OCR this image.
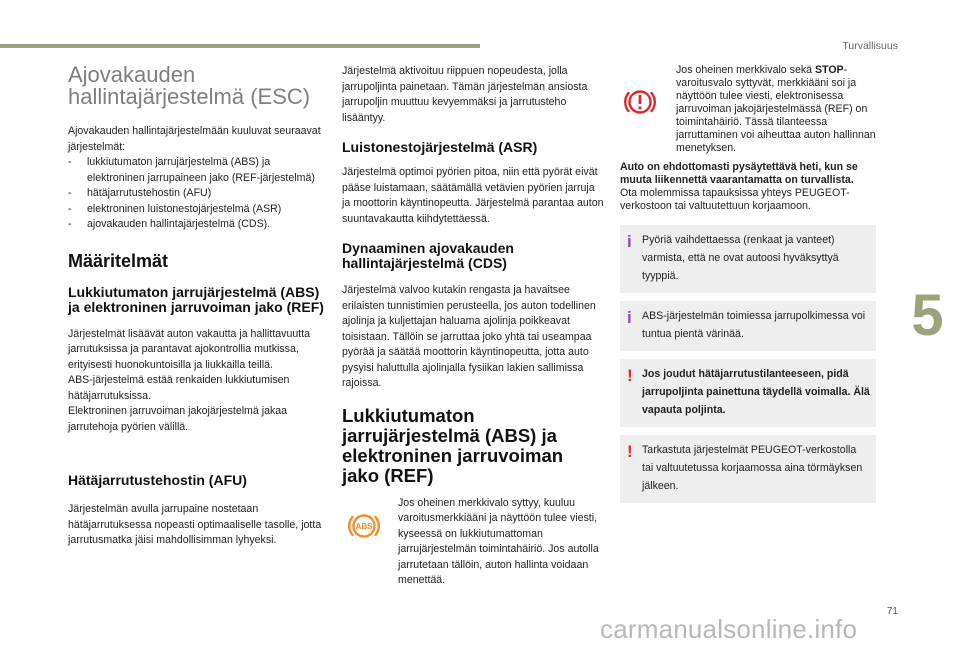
Turvallisuus
5
71
carmanualsonline.info
Ajovakauden
hallintajärjestelmä (ESC)

Ajovakauden hallintajärjestelmään kuuluvat seuraavat järjestelmät:

- lukkiutumaton jarrujärjestelmä (ABS) ja elektroninen jarrupaineen jako (REF-järjestelmä)
- hätäjarrutustehostin (AFU)
- elektroninen luistonestojärjestelmä (ASR)
- ajovakauden hallintajärjestelmä (CDS).
Määritelmät
Lukkiutumaton jarrujärjestelmä (ABS) ja elektroninen jarruvoiman jako (REF)

Järjestelmät lisäävät auton vakautta ja hallittavuutta jarrutuksissa ja parantavat ajokontrollia mutkissa, erityisesti huonokuntoisilla ja liukkailla teillä.

ABS-järjestelmä estää renkaiden lukkiutumisen hätäjarrutuksissa.

Elektroninen jarruvoiman jakojärjestelmä jakaa jarrutehoja pyörien välillä.

Hätäjarrutustehostin (AFU)

Järjestelmän avulla jarrupaine nostetaan hätäjarrutuksessa nopeasti optimaaliselle tasolle, jotta jarrutusmatka jäisi mahdollisimman lyhyeksi.

Järjestelmä aktivoituu riippuen nopeudesta, jolla jarrupoljinta painetaan. Tämän järjestelmän ansiosta jarrupoljin muuttuu kevyemmäksi ja jarrutusteho lisääntyy.

Luistonestojärjestelmä (ASR)

Järjestelmä optimoi pyörien pitoa, niin että pyörät eivät pääse luistamaan, säätämällä vetävien pyörien jarruja ja moottorin käyntinopeutta. Järjestelmä parantaa auton suuntavakautta kiihdytettäessä.

Dynaaminen ajovakauden hallintajärjestelmä (CDS)

Järjestelmä valvoo kutakin rengasta ja havaitsee erilaisten tunnistimien perusteella, jos auton todellinen ajolinja ja kuljettajan haluama ajolinja poikkeavat toisistaan. Tällöin se jarruttaa joko yhtä tai useampaa pyörää ja säätää moottorin käyntinopeutta, jotta auto pysyisi haluttulla ajolinjalla fysiikan lakien sallimissa rajoissa.

Lukkiutumaton jarrujärjestelmä (ABS) ja elektroninen jarruvoiman jako (REF)
ABS

Jos oheinen merkkivalo syttyy, kuuluu varoitusmerkkiääni ja näyttöön tulee viesti, kyseessä on lukkiutumattoman jarrujärjestelmän toimintahäiriö. Jos autolla jarrutetaan tällöin, auton hallinta voidaan menettää.

Jos oheinen merkkivalo sekä STOP-varoitusvalo syttyvät, merkkiääni soi ja näyttöön tulee viesti, elektronisessa jarruvoiman jakojärjestelmässä (REF) on toimintahäiriö. Tässä tilanteessa jarruttaminen voi aiheuttaa auton hallinnan menetyksen.

Auto on ehdottomasti pysäytettävä heti, kun se muuta liikennettä vaarantamatta on turvallista.

Ota molemmissa tapauksissa yhteys PEUGEOT-verkostoon tai valtuutettuun korjaamoon.

i Pyöriä vaihdettaessa (renkaat ja vanteet) varmista, että ne ovat autoosi hyväksyttyä tyyppiä.

i ABS-järjestelmän toimiessa jarrupolkimessa voi tuntua pientä värinää.

! Jos joudut hätäjarrutustilanteeseen, pidä jarrupoljinta painettuna täydellä voimalla. Älä vapauta poljinta.

! Tarkastuta järjestelmät PEUGEOT-verkostolla tai valtuutetussa korjaamossa aina törmäyksen jälkeen.
